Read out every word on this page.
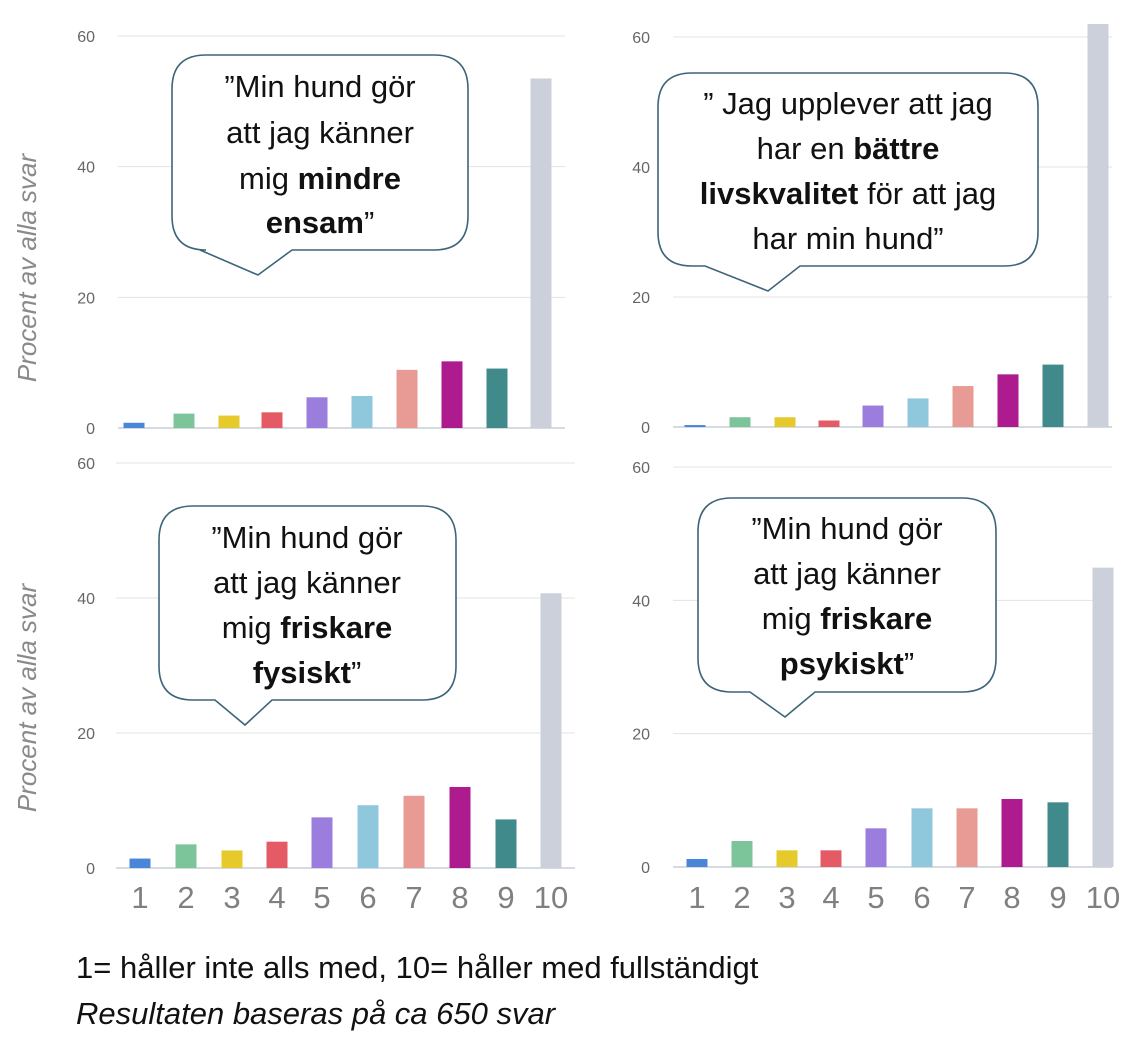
0
20
40
60
Procent av alla svar
”Min hund gör
att jag känner
mig mindre
ensam”
0
20
40
60
” Jag upplever att jag
har en bättre
livskvalitet för att jag
har min hund”
0
20
40
60
Procent av alla svar
”Min hund gör
att jag känner
mig friskare
fysiskt”
0
20
40
60
”Min hund gör
att jag känner
mig friskare
psykiskt”
1 2 3 4 5 6 7 8 9 10	1 2 3 4 5 6 7 8 9 10
1= håller inte alls med, 10= håller med fullständigt
Resultaten baseras på ca 650 svar
